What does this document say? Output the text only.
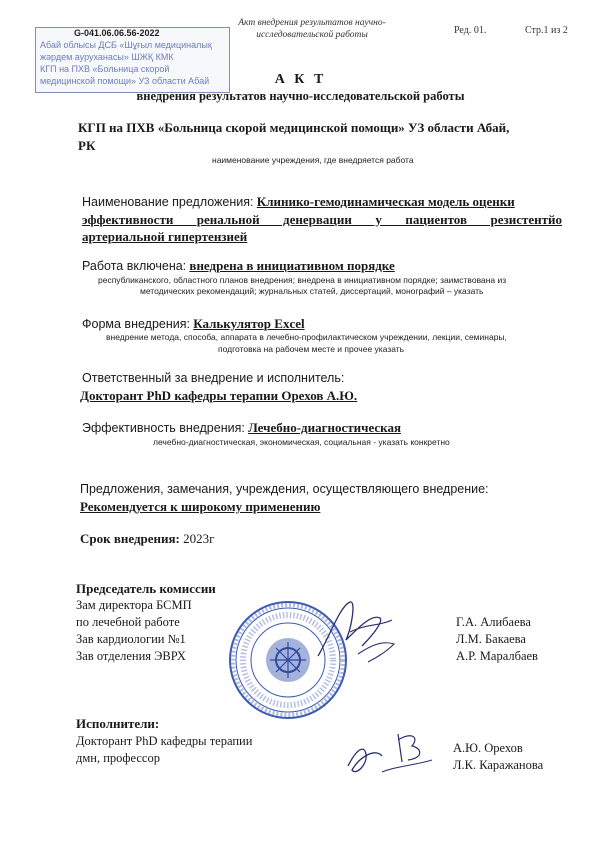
G-041.06.06.56-2022
Абай облысы ДСБ «Шұғыл медициналық
жәрдем ауруханасы» ШЖҚ КМК
КГП на ПХВ «Больница скорой
медицинской помощи» УЗ области Абай
Акт внедрения результатов научно-
исследовательской работы	Ред. 01.	Стр.1 из 2
А К Т
внедрения результатов научно-исследовательской работы
КГП на ПХВ «Больница скорой медицинской помощи» УЗ области Абай,
РК
наименование учреждения, где внедряется работа
Наименование предложения: Клинико-гемодинамическая модель оценки
эффективности ренальной денервации у пациентов резистентйо
артериальной гипертензией
Работа включена: внедрена в инициативном порядке
республиканского, областного планов внедрения; внедрена в инициативном порядке; заимствована из
методических рекомендаций; журнальных статей, диссертаций, монографий – указать
Форма внедрения: Калькулятор Excel
внедрение метода, способа, аппарата в лечебно-профилактическом учреждении, лекции, семинары,
подготовка на рабочем месте и прочее указать
Ответственный за внедрение и исполнитель:
Докторант PhD кафедры терапии Орехов А.Ю.
Эффективность внедрения: Лечебно-диагностическая
лечебно-диагностическая, экономическая, социальная - указать конкретно
Предложения, замечания, учреждения, осуществляющего внедрение:
Рекомендуется к широкому применению
Срок внедрения: 2023г
Председатель комиссии
Зам директора БСМП
по лечебной работе
Зав кардиологии №1
Зав отделения ЭВРХ
Г.А. Алибаева
Л.М. Бакаева
А.Р. Маралбаев
Исполнители:
Докторант PhD кафедры терапии
дмн, профессор
А.Ю. Орехов
Л.К. Каражанова
